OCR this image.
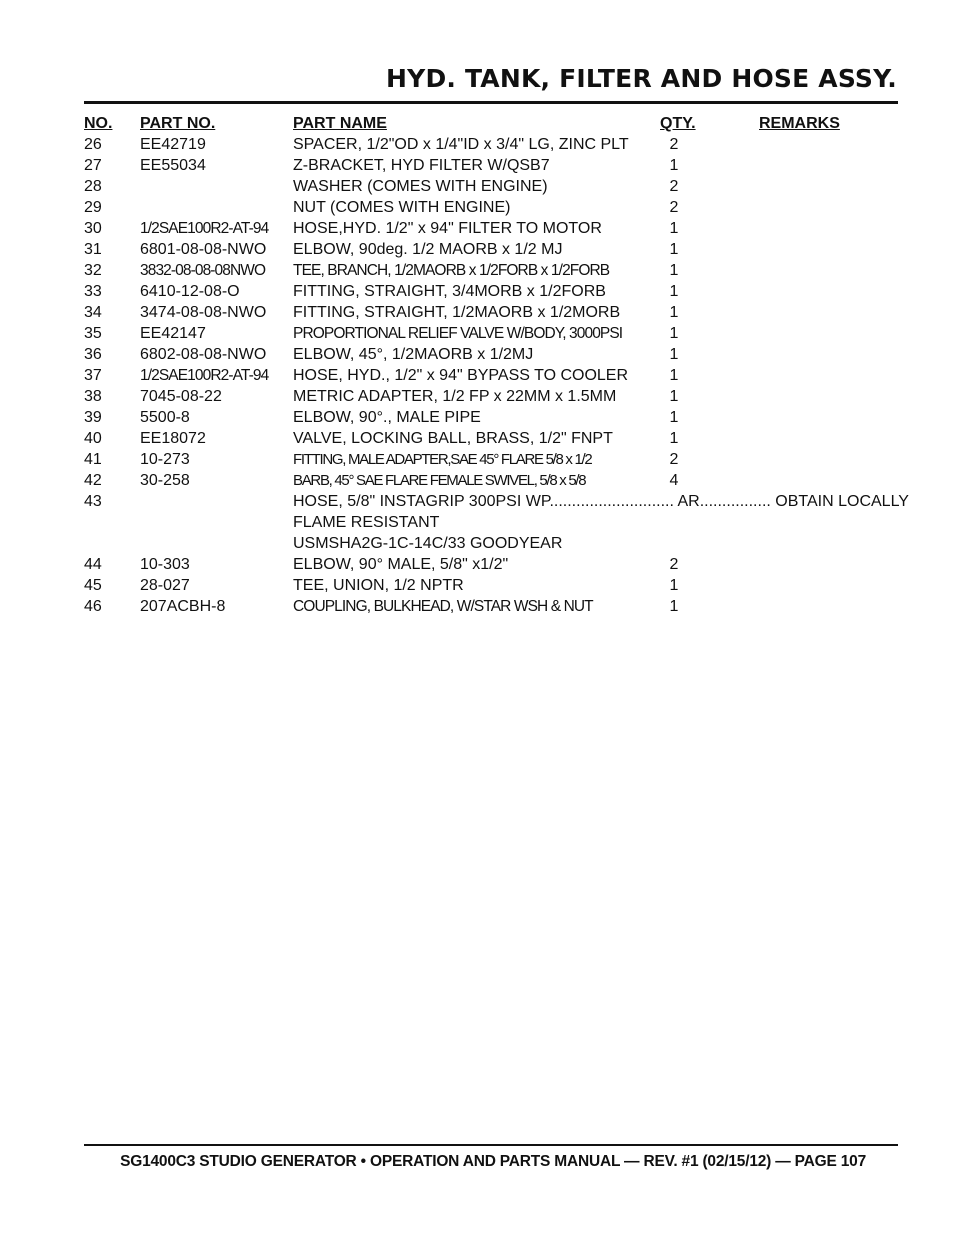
HYD. TANK, FILTER AND HOSE ASSY.
NO. PART NO.	PART NAME	QTY.	REMARKS
26 EE42719	SPACER, 1/2"OD x 1/4"ID x 3/4" LG, ZINC PLT	2
27 EE55034	Z-BRACKET, HYD FILTER W/QSB7	1
28	WASHER (COMES WITH ENGINE)	2
29	NUT (COMES WITH ENGINE)	2
30 1/2SAE100R2-AT-94 HOSE,HYD. 1/2" x 94" FILTER TO MOTOR	1
31 6801-08-08-NWO ELBOW, 90deg. 1/2 MAORB x 1/2 MJ	1
32 3832-08-08-08NWO TEE, BRANCH, 1/2MAORB x 1/2FORB x 1/2FORB	1
33 6410-12-08-O	FITTING, STRAIGHT, 3/4MORB x 1/2FORB	1
34 3474-08-08-NWO FITTING, STRAIGHT, 1/2MAORB x 1/2MORB	1
35 EE42147	PROPORTIONAL RELIEF VALVE W/BODY, 3000PSI	1
36 6802-08-08-NWO ELBOW, 45°, 1/2MAORB x 1/2MJ	1
37 1/2SAE100R2-AT-94 HOSE, HYD., 1/2" x 94" BYPASS TO COOLER	1
38 7045-08-22	METRIC ADAPTER, 1/2 FP x 22MM x 1.5MM	1
39 5500-8	ELBOW, 90°., MALE PIPE	1
40 EE18072	VALVE, LOCKING BALL, BRASS, 1/2" FNPT	1
41 10-273	FITTING, MALE ADAPTER,SAE 45° FLARE 5/8 x 1/2	2
42 30-258	BARB, 45° SAE FLARE FEMALE SWIVEL, 5/8 x 5/8	4
43	HOSE, 5/8" INSTAGRIP 300PSI WP............................ AR................ OBTAIN LOCALLY
FLAME RESISTANT
USMSHA2G-1C-14C/33 GOODYEAR
44 10-303	ELBOW, 90° MALE, 5/8" x1/2"	2
45 28-027	TEE, UNION, 1/2 NPTR	1
46 207ACBH-8	COUPLING, BULKHEAD, W/STAR WSH & NUT	1
SG1400C3 STUDIO GENERATOR • OPERATION AND PARTS MANUAL — REV. #1 (02/15/12) — PAGE 107
